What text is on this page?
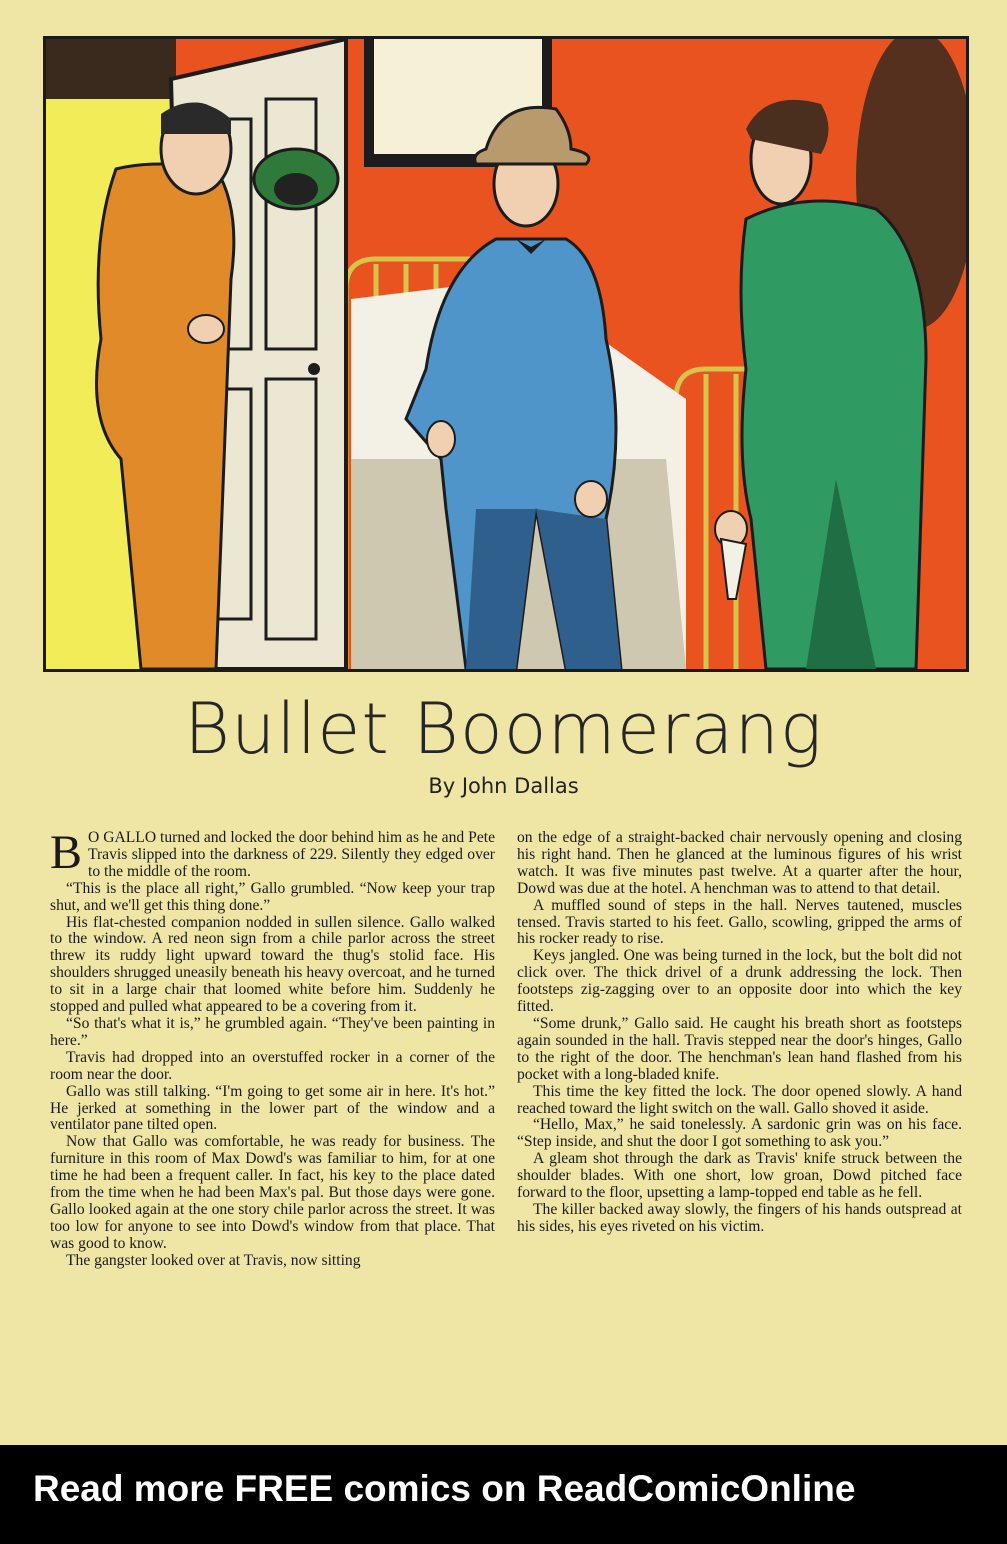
Bullet Boomerang
By John Dallas

B O GALLO turned and locked the door behind him as he and Pete Travis slipped into the darkness of 229. Silently they edged over to the middle of the room.

“This is the place all right,” Gallo grumbled. “Now keep your trap shut, and we'll get this thing done.”

His flat-chested companion nodded in sullen silence. Gallo walked to the window. A red neon sign from a chile parlor across the street threw its ruddy light upward toward the thug's stolid face. His shoulders shrugged uneasily beneath his heavy overcoat, and he turned to sit in a large chair that loomed white before him. Suddenly he stopped and pulled what appeared to be a covering from it.

“So that's what it is,” he grumbled again. “They've been painting in here.”

Travis had dropped into an overstuffed rocker in a corner of the room near the door.

Gallo was still talking. “I'm going to get some air in here. It's hot.” He jerked at something in the lower part of the window and a ventilator pane tilted open.

Now that Gallo was comfortable, he was ready for business. The furniture in this room of Max Dowd's was familiar to him, for at one time he had been a frequent caller. In fact, his key to the place dated from the time when he had been Max's pal. But those days were gone. Gallo looked again at the one story chile parlor across the street. It was too low for anyone to see into Dowd's window from that place. That was good to know.

The gangster looked over at Travis, now sitting

on the edge of a straight-backed chair nervously opening and closing his right hand. Then he glanced at the luminous figures of his wrist watch. It was five minutes past twelve. At a quarter after the hour, Dowd was due at the hotel. A henchman was to attend to that detail.

A muffled sound of steps in the hall. Nerves tautened, muscles tensed. Travis started to his feet. Gallo, scowling, gripped the arms of his rocker ready to rise.

Keys jangled. One was being turned in the lock, but the bolt did not click over. The thick drivel of a drunk addressing the lock. Then footsteps zig-zagging over to an opposite door into which the key fitted.

“Some drunk,” Gallo said. He caught his breath short as footsteps again sounded in the hall. Travis stepped near the door's hinges, Gallo to the right of the door. The henchman's lean hand flashed from his pocket with a long-bladed knife.

This time the key fitted the lock. The door opened slowly. A hand reached toward the light switch on the wall. Gallo shoved it aside.

“Hello, Max,” he said tonelessly. A sardonic grin was on his face. “Step inside, and shut the door I got something to ask you.”

A gleam shot through the dark as Travis' knife struck between the shoulder blades. With one short, low groan, Dowd pitched face forward to the floor, upsetting a lamp-topped end table as he fell.

The killer backed away slowly, the fingers of his hands outspread at his sides, his eyes riveted on his victim.

Read more FREE comics on ReadComicOnline
